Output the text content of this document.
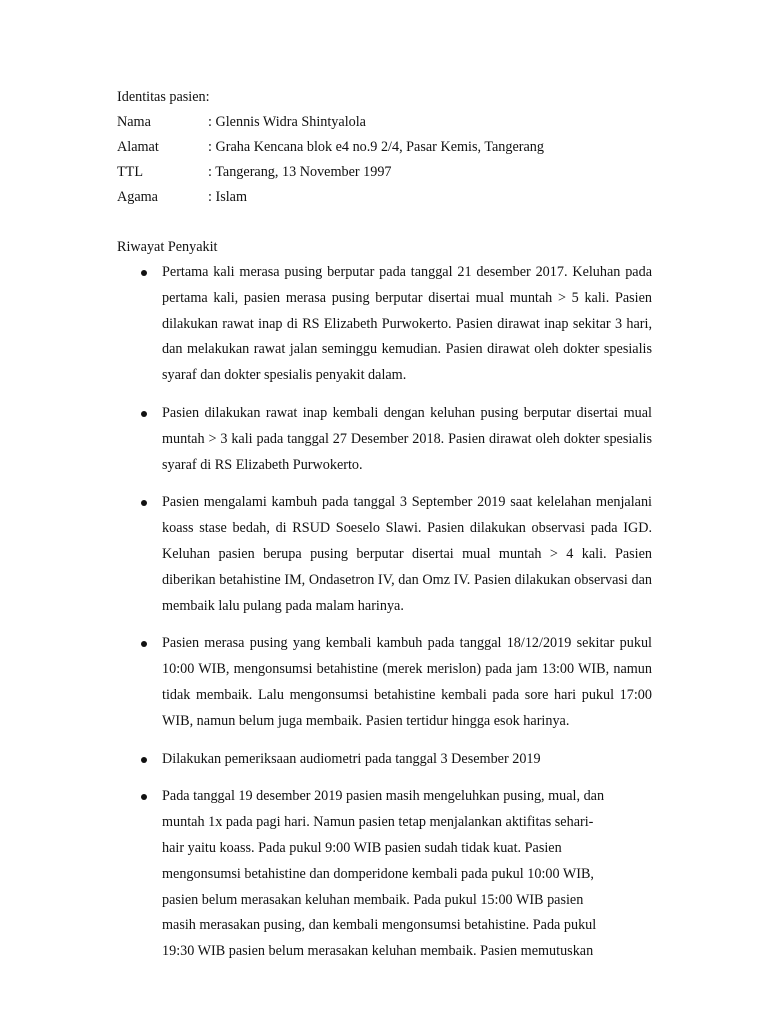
Identitas pasien:
Nama	: Glennis Widra Shintyalola
Alamat	: Graha Kencana blok e4 no.9 2/4, Pasar Kemis, Tangerang
TTL	: Tangerang, 13 November 1997
Agama	: Islam
Riwayat Penyakit
Pertama kali merasa pusing berputar pada tanggal 21 desember 2017. Keluhan pada pertama kali, pasien merasa pusing berputar disertai mual muntah > 5 kali. Pasien dilakukan rawat inap di RS Elizabeth Purwokerto. Pasien dirawat inap sekitar 3 hari, dan melakukan rawat jalan seminggu kemudian. Pasien dirawat oleh dokter spesialis syaraf dan dokter spesialis penyakit dalam.
Pasien dilakukan rawat inap kembali dengan keluhan pusing berputar disertai mual muntah > 3 kali pada tanggal 27 Desember 2018. Pasien dirawat oleh dokter spesialis syaraf di RS Elizabeth Purwokerto.
Pasien mengalami kambuh pada tanggal 3 September 2019 saat kelelahan menjalani koass stase bedah, di RSUD Soeselo Slawi. Pasien dilakukan observasi pada IGD. Keluhan pasien berupa pusing berputar disertai mual muntah > 4 kali. Pasien diberikan betahistine IM, Ondasetron IV, dan Omz IV. Pasien dilakukan observasi dan membaik lalu pulang pada malam harinya.
Pasien merasa pusing yang kembali kambuh pada tanggal 18/12/2019 sekitar pukul 10:00 WIB, mengonsumsi betahistine (merek merislon) pada jam 13:00 WIB, namun tidak membaik. Lalu mengonsumsi betahistine kembali pada sore hari pukul 17:00 WIB, namun belum juga membaik. Pasien tertidur hingga esok harinya.
Dilakukan pemeriksaan audiometri pada tanggal 3 Desember 2019
Pada tanggal 19 desember 2019 pasien masih mengeluhkan pusing, mual, dan
muntah 1x pada pagi hari. Namun pasien tetap menjalankan aktifitas sehari-
hair yaitu koass. Pada pukul 9:00 WIB pasien sudah tidak kuat. Pasien
mengonsumsi betahistine dan domperidone kembali pada pukul 10:00 WIB,
pasien belum merasakan keluhan membaik. Pada pukul 15:00 WIB pasien
masih merasakan pusing, dan kembali mengonsumsi betahistine. Pada pukul
19:30 WIB pasien belum merasakan keluhan membaik. Pasien memutuskan
